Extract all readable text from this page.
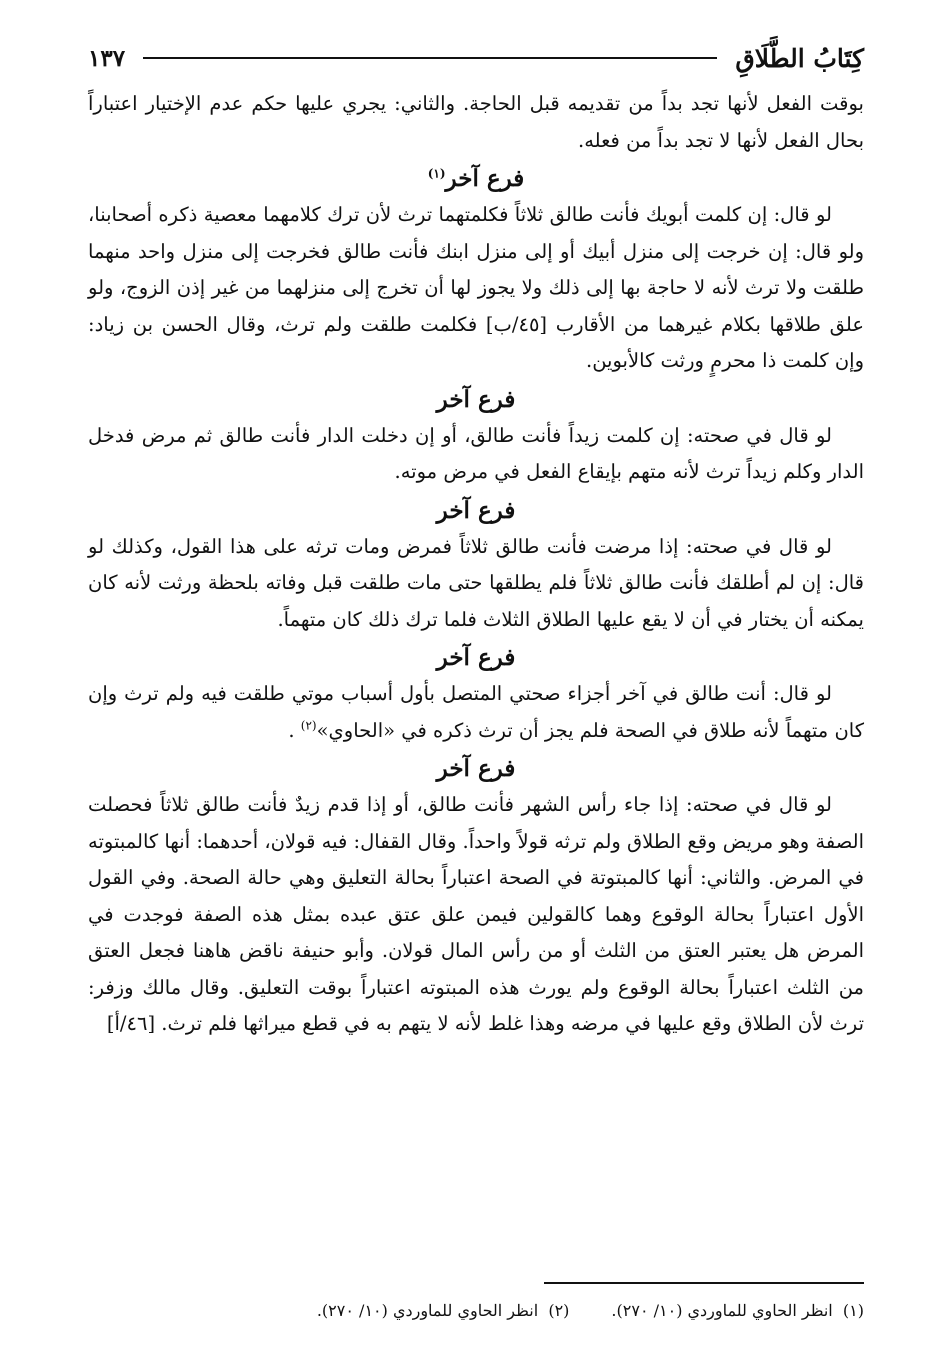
كِتَابُ الطَّلَاقِ
١٣٧

بوقت الفعل لأنها تجد بداً من تقديمه قبل الحاجة. والثاني: يجري عليها حكم عدم الإختيار اعتباراً بحال الفعل لأنها لا تجد بداً من فعله.

فرع آخر$^{(١)}$

لو قال: إن كلمت أبويك فأنت طالق ثلاثاً فكلمتهما ترث لأن ترك كلامهما معصية ذكره أصحابنا، ولو قال: إن خرجت إلى منزل أبيك أو إلى منزل ابنك فأنت طالق فخرجت إلى منزل واحد منهما طلقت ولا ترث لأنه لا حاجة بها إلى ذلك ولا يجوز لها أن تخرج إلى منزلهما من غير إذن الزوج، ولو علق طلاقها بكلام غيرهما من الأقارب [٤٥/ب] فكلمت طلقت ولم ترث، وقال الحسن بن زياد: وإن كلمت ذا محرمٍ ورثت كالأبوين.

فرع آخر

لو قال في صحته: إن كلمت زيداً فأنت طالق، أو إن دخلت الدار فأنت طالق ثم مرض فدخل الدار وكلم زيداً ترث لأنه متهم بإيقاع الفعل في مرض موته.

فرع آخر

لو قال في صحته: إذا مرضت فأنت طالق ثلاثاً فمرض ومات ترثه على هذا القول، وكذلك لو قال: إن لم أطلقك فأنت طالق ثلاثاً فلم يطلقها حتى مات طلقت قبل وفاته بلحظة ورثت لأنه كان يمكنه أن يختار في أن لا يقع عليها الطلاق الثلاث فلما ترك ذلك كان متهماً.

فرع آخر

لو قال: أنت طالق في آخر أجزاء صحتي المتصل بأول أسباب موتي طلقت فيه ولم ترث وإن كان متهماً لأنه طلاق في الصحة فلم يجز أن ترث ذكره في «الحاوي»$^{(٢)}$ .

فرع آخر

لو قال في صحته: إذا جاء رأس الشهر فأنت طالق، أو إذا قدم زيدٌ فأنت طالق ثلاثاً فحصلت الصفة وهو مريض وقع الطلاق ولم ترثه قولاً واحداً. وقال القفال: فيه قولان، أحدهما: أنها كالمبتوته في المرض. والثاني: أنها كالمبتوتة في الصحة اعتباراً بحالة التعليق وهي حالة الصحة. وفي القول الأول اعتباراً بحالة الوقوع وهما كالقولين فيمن علق عتق عبده بمثل هذه الصفة فوجدت في المرض هل يعتبر العتق من الثلث أو من رأس المال قولان. وأبو حنيفة ناقض هاهنا فجعل العتق من الثلث اعتباراً بحالة الوقوع ولم يورث هذه المبتوته اعتباراً بوقت التعليق. وقال مالك وزفر: ترث لأن الطلاق وقع عليها في مرضه وهذا غلط لأنه لا يتهم به في قطع ميراثها فلم ترث. [٤٦/أ]

(١)  انظر الحاوي للماوردي (١٠/ ٢٧٠).
(٢)  انظر الحاوي للماوردي (١٠/ ٢٧٠).
